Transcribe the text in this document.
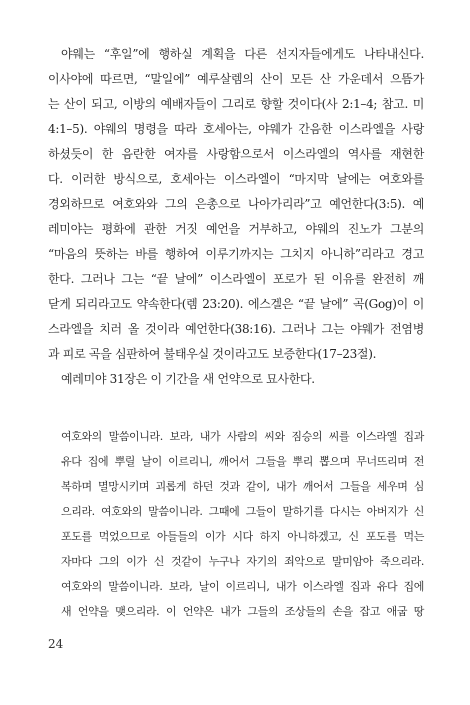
야웨는 “후일”에 행하실 계획을 다른 선지자들에게도 나타내신다.
이사야에 따르면, “말일에” 예루살렘의 산이 모든 산 가운데서 으뜸가
는 산이 되고, 이방의 예배자들이 그리로 향할 것이다(사 2:1–4; 참고. 미
4:1–5). 야웨의 명령을 따라 호세아는, 야웨가 간음한 이스라엘을 사랑
하셨듯이 한 음란한 여자를 사랑함으로서 이스라엘의 역사를 재현한
다. 이러한 방식으로, 호세아는 이스라엘이 “마지막 날에는 여호와를
경외하므로 여호와와 그의 은총으로 나아가리라”고 예언한다(3:5). 예
레미야는 평화에 관한 거짓 예언을 거부하고, 야웨의 진노가 그분의
“마음의 뜻하는 바를 행하여 이루기까지는 그치지 아니하”리라고 경고
한다. 그러나 그는 “끝 날에” 이스라엘이 포로가 된 이유를 완전히 깨
닫게 되리라고도 약속한다(렘 23:20). 에스겔은 “끝 날에” 곡(Gog)이 이
스라엘을 치러 올 것이라 예언한다(38:16). 그러나 그는 야웨가 전염병
과 피로 곡을 심판하여 불태우실 것이라고도 보증한다(17–23절).
예레미야 31장은 이 기간을 새 언약으로 묘사한다.
여호와의 말씀이니라. 보라, 내가 사람의 씨와 짐승의 씨를 이스라엘 집과
유다 집에 뿌릴 날이 이르리니, 깨어서 그들을 뿌리 뽑으며 무너뜨리며 전
복하며 멸망시키며 괴롭게 하던 것과 같이, 내가 깨어서 그들을 세우며 심
으리라. 여호와의 말씀이니라. 그때에 그들이 말하기를 다시는 아버지가 신
포도를 먹었으므로 아들들의 이가 시다 하지 아니하겠고, 신 포도를 먹는
자마다 그의 이가 신 것같이 누구나 자기의 죄악으로 말미암아 죽으리라.
여호와의 말씀이니라. 보라, 날이 이르리니, 내가 이스라엘 집과 유다 집에
새 언약을 맺으리라. 이 언약은 내가 그들의 조상들의 손을 잡고 애굽 땅
24
